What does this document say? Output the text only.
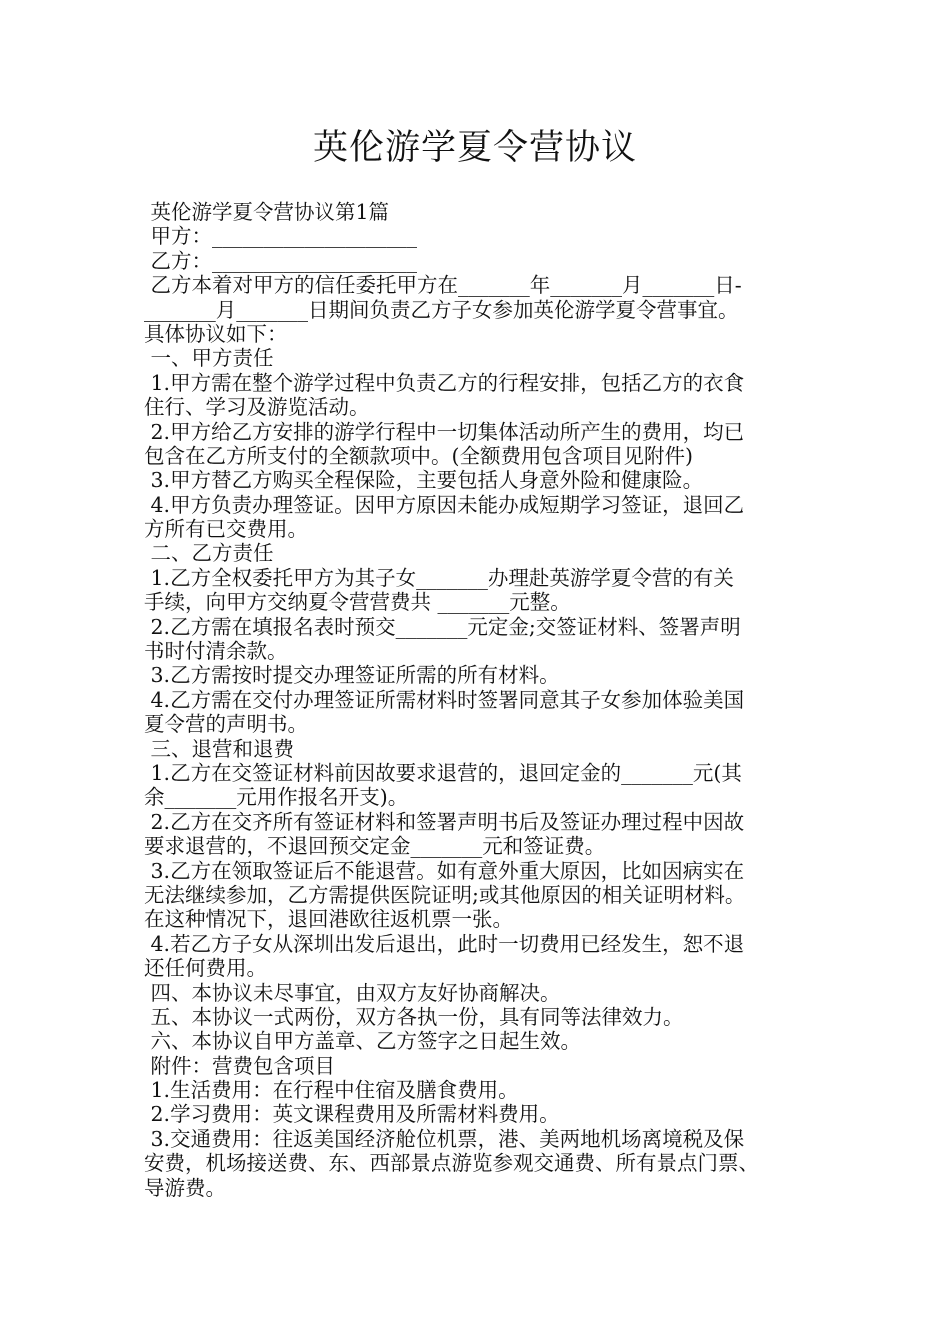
英伦游学夏令营协议
英伦游学夏令营协议第1篇
甲方：____________________
乙方：____________________
乙方本着对甲方的信任委托甲方在_______年_______月_______日-
_______月_______日期间负责乙方子女参加英伦游学夏令营事宜。
具体协议如下：
一、甲方责任
1.甲方需在整个游学过程中负责乙方的行程安排，包括乙方的衣食
住行、学习及游览活动。
2.甲方给乙方安排的游学行程中一切集体活动所产生的费用，均已
包含在乙方所支付的全额款项中。(全额费用包含项目见附件)
3.甲方替乙方购买全程保险，主要包括人身意外险和健康险。
4.甲方负责办理签证。因甲方原因未能办成短期学习签证，退回乙
方所有已交费用。
二、乙方责任
1.乙方全权委托甲方为其子女_______办理赴英游学夏令营的有关
手续，向甲方交纳夏令营营费共 _______元整。
2.乙方需在填报名表时预交_______元定金;交签证材料、签署声明
书时付清余款。
3.乙方需按时提交办理签证所需的所有材料。
4.乙方需在交付办理签证所需材料时签署同意其子女参加体验美国
夏令营的声明书。
三、退营和退费
1.乙方在交签证材料前因故要求退营的，退回定金的_______元(其
余_______元用作报名开支)。
2.乙方在交齐所有签证材料和签署声明书后及签证办理过程中因故
要求退营的，不退回预交定金_______元和签证费。
3.乙方在领取签证后不能退营。如有意外重大原因，比如因病实在
无法继续参加，乙方需提供医院证明;或其他原因的相关证明材料。
在这种情况下，退回港欧往返机票一张。
4.若乙方子女从深圳出发后退出，此时一切费用已经发生，恕不退
还任何费用。
四、本协议未尽事宜，由双方友好协商解决。
五、本协议一式两份，双方各执一份，具有同等法律效力。
六、本协议自甲方盖章、乙方签字之日起生效。
附件：营费包含项目
1.生活费用：在行程中住宿及膳食费用。
2.学习费用：英文课程费用及所需材料费用。
3.交通费用：往返美国经济舱位机票，港、美两地机场离境税及保
安费，机场接送费、东、西部景点游览参观交通费、所有景点门票、
导游费。
